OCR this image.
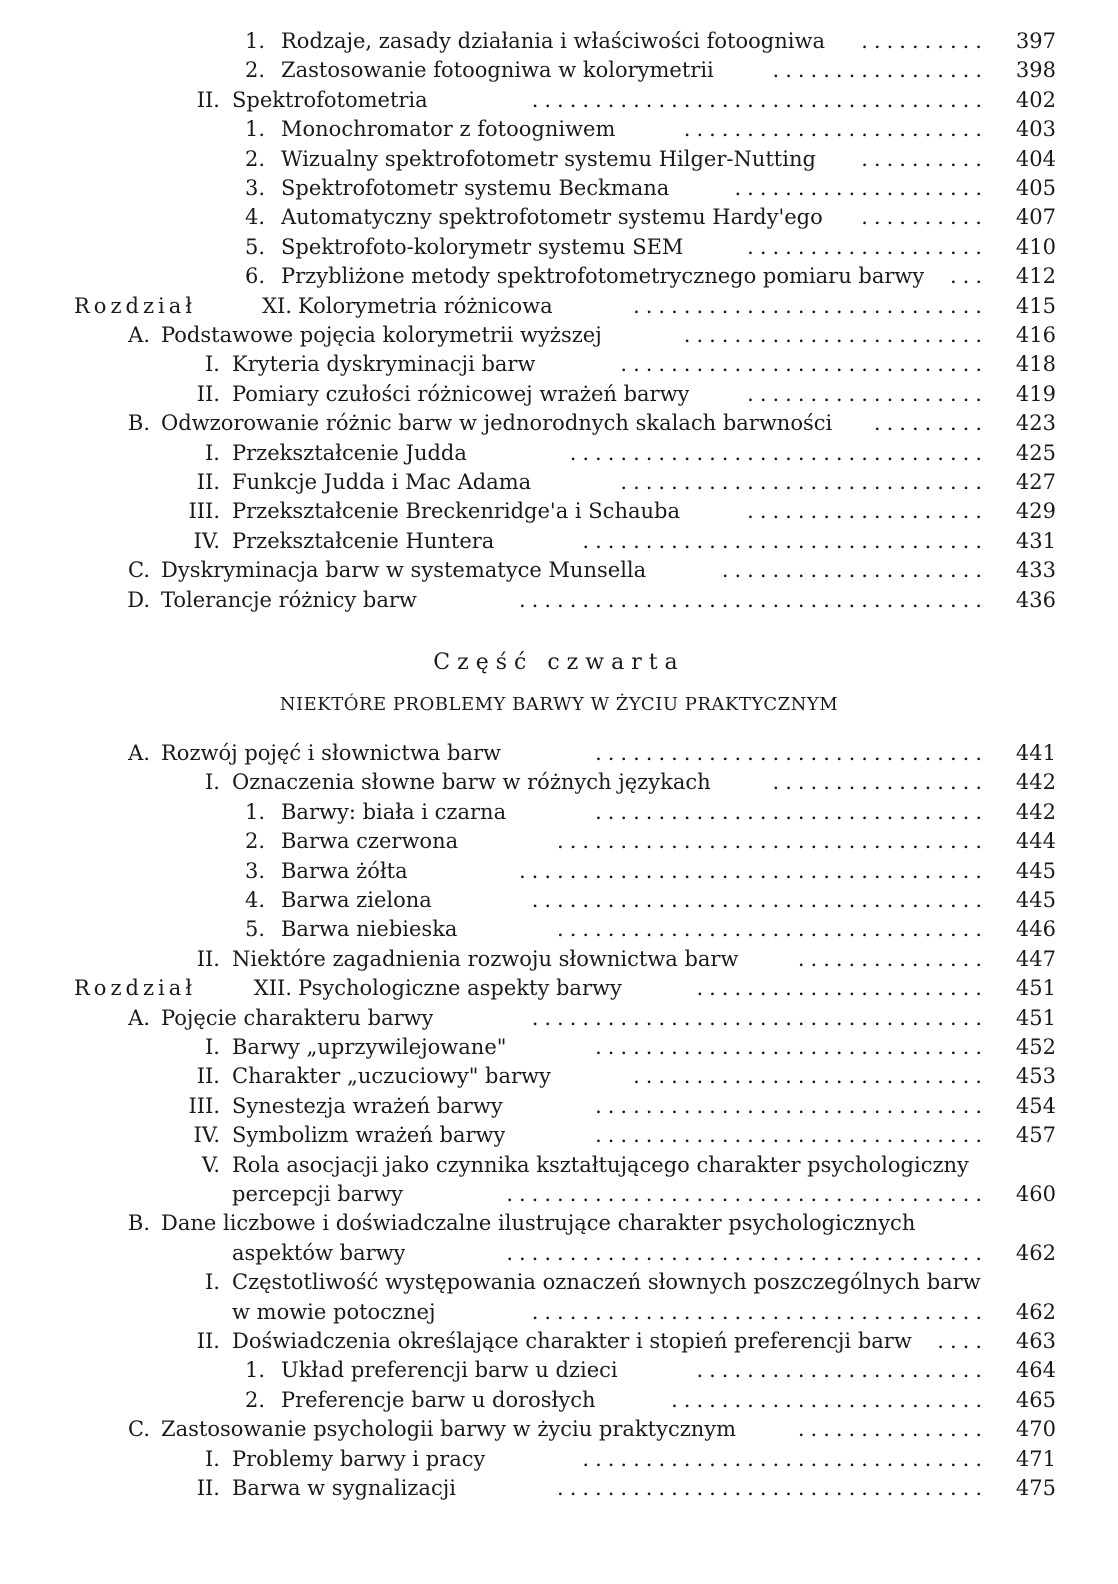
1. Rodzaje, zasady działania i właściwości fotoogniwa	..........	397
2. Zastosowanie fotoogniwa w kolorymetrii	.................	398
II. Spektrofotometria	....................................	402
1. Monochromator z fotoogniwem	........................	403
2. Wizualny spektrofotometr systemu Hilger-Nutting	..........	404
3. Spektrofotometr systemu Beckmana	....................	405
4. Automatyczny spektrofotometr systemu Hardy'ego	..........	407
5. Spektrofoto-kolorymetr systemu SEM	...................	410
6. Przybliżone metody spektrofotometrycznego pomiaru barwy	...	412
Rozdział	XI. Kolorymetria różnicowa	............................	415
A. Podstawowe pojęcia kolorymetrii wyższej	........................	416
I. Kryteria dyskryminacji barw	.............................	418
II. Pomiary czułości różnicowej wrażeń barwy	...................	419
B. Odwzorowanie różnic barw w jednorodnych skalach barwności	.........	423
I. Przekształcenie Judda	.................................	425
II. Funkcje Judda i Mac Adama	.............................	427
III. Przekształcenie Breckenridge'a i Schauba	...................	429
IV. Przekształcenie Huntera	................................	431
C. Dyskryminacja barw w systematyce Munsella	.....................	433
D. Tolerancje różnicy barw	.....................................	436
Część czwarta
NIEKTÓRE PROBLEMY BARWY W ŻYCIU PRAKTYCZNYM
A. Rozwój pojęć i słownictwa barw	...............................	441
I. Oznaczenia słowne barw w różnych językach	.................	442
1. Barwy: biała i czarna	...............................	442
2. Barwa czerwona	..................................	444
3. Barwa żółta	.....................................	445
4. Barwa zielona	....................................	445
5. Barwa niebieska	..................................	446
II. Niektóre zagadnienia rozwoju słownictwa barw	...............	447
Rozdział	XII. Psychologiczne aspekty barwy	.......................	451
A. Pojęcie charakteru barwy	....................................	451
I. Barwy „uprzywilejowane"	...............................	452
II. Charakter „uczuciowy" barwy	............................	453
III. Synestezja wrażeń barwy	...............................	454
IV. Symbolizm wrażeń barwy	...............................	457
V. Rola asocjacji jako czynnika kształtującego charakter psychologiczny
percepcji barwy	......................................	460
B. Dane liczbowe i doświadczalne ilustrujące charakter psychologicznych
aspektów barwy	......................................	462
I. Częstotliwość występowania oznaczeń słownych poszczególnych barw
w mowie potocznej	....................................	462
II. Doświadczenia określające charakter i stopień preferencji barw	....	463
1. Układ preferencji barw u dzieci	.......................	464
2. Preferencje barw u dorosłych	.........................	465
C. Zastosowanie psychologii barwy w życiu praktycznym	...............	470
I. Problemy barwy i pracy	................................	471
II. Barwa w sygnalizacji	..................................	475
